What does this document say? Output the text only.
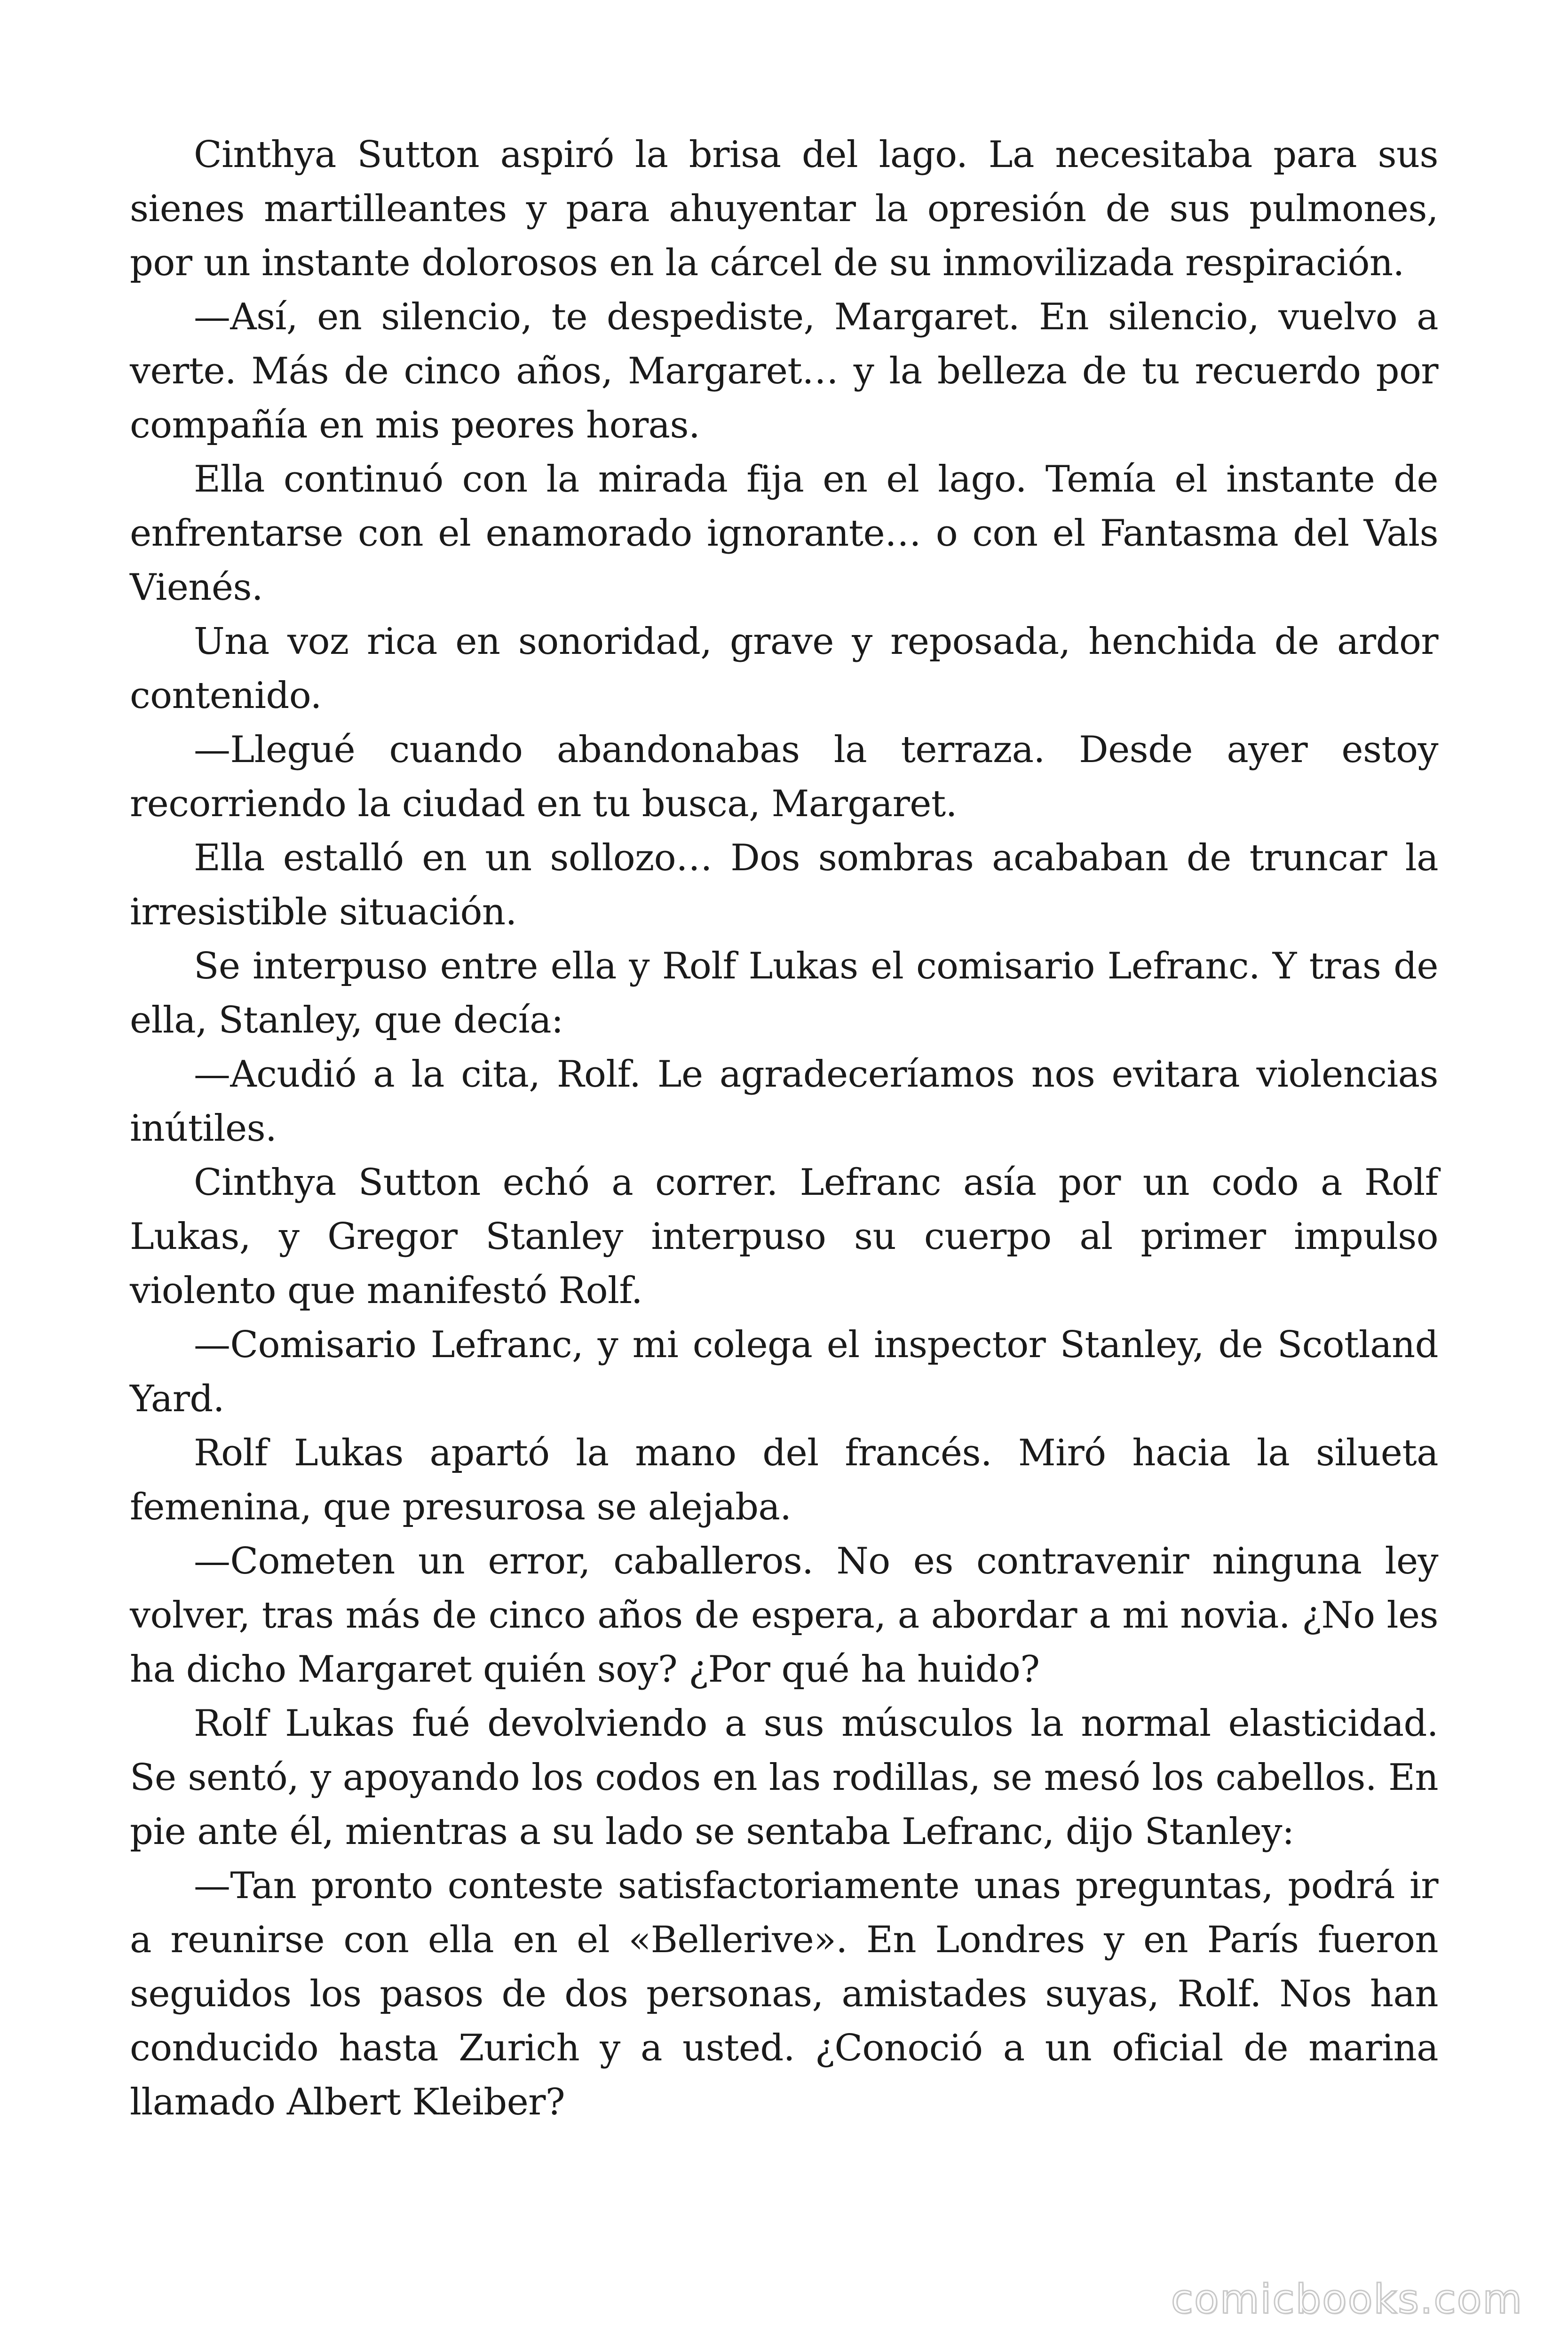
Cinthya Sutton aspiró la brisa del lago. La necesitaba para sus sienes martilleantes y para ahuyentar la opresión de sus pulmones, por un instante dolorosos en la cárcel de su inmovilizada respiración.

—Así, en silencio, te despediste, Margaret. En silencio, vuelvo a verte. Más de cinco años, Margaret… y la belleza de tu recuerdo por compañía en mis peores horas.

Ella continuó con la mirada fija en el lago. Temía el instante de enfrentarse con el enamorado ignorante… o con el Fantasma del Vals Vienés.

Una voz rica en sonoridad, grave y reposada, henchida de ardor contenido.

—Llegué cuando abandonabas la terraza. Desde ayer estoy recorriendo la ciudad en tu busca, Margaret.

Ella estalló en un sollozo… Dos sombras acababan de truncar la irresistible situación.

Se interpuso entre ella y Rolf Lukas el comisario Lefranc. Y tras de ella, Stanley, que decía:

—Acudió a la cita, Rolf. Le agradeceríamos nos evitara violencias inútiles.

Cinthya Sutton echó a correr. Lefranc asía por un codo a Rolf Lukas, y Gregor Stanley interpuso su cuerpo al primer impulso violento que manifestó Rolf.

—Comisario Lefranc, y mi colega el inspector Stanley, de Scotland Yard.

Rolf Lukas apartó la mano del francés. Miró hacia la silueta femenina, que presurosa se alejaba.

—Cometen un error, caballeros. No es contravenir ninguna ley volver, tras más de cinco años de espera, a abordar a mi novia. ¿No les ha dicho Margaret quién soy? ¿Por qué ha huido?

Rolf Lukas fué devolviendo a sus músculos la normal elasticidad. Se sentó, y apoyando los codos en las rodillas, se mesó los cabellos. En pie ante él, mientras a su lado se sentaba Lefranc, dijo Stanley:

—Tan pronto conteste satisfactoriamente unas preguntas, podrá ir a reunirse con ella en el «Bellerive». En Londres y en París fueron seguidos los pasos de dos personas, amistades suyas, Rolf. Nos han conducido hasta Zurich y a usted. ¿Conoció a un oficial de marina llamado Albert Kleiber?

comicbooks.com
